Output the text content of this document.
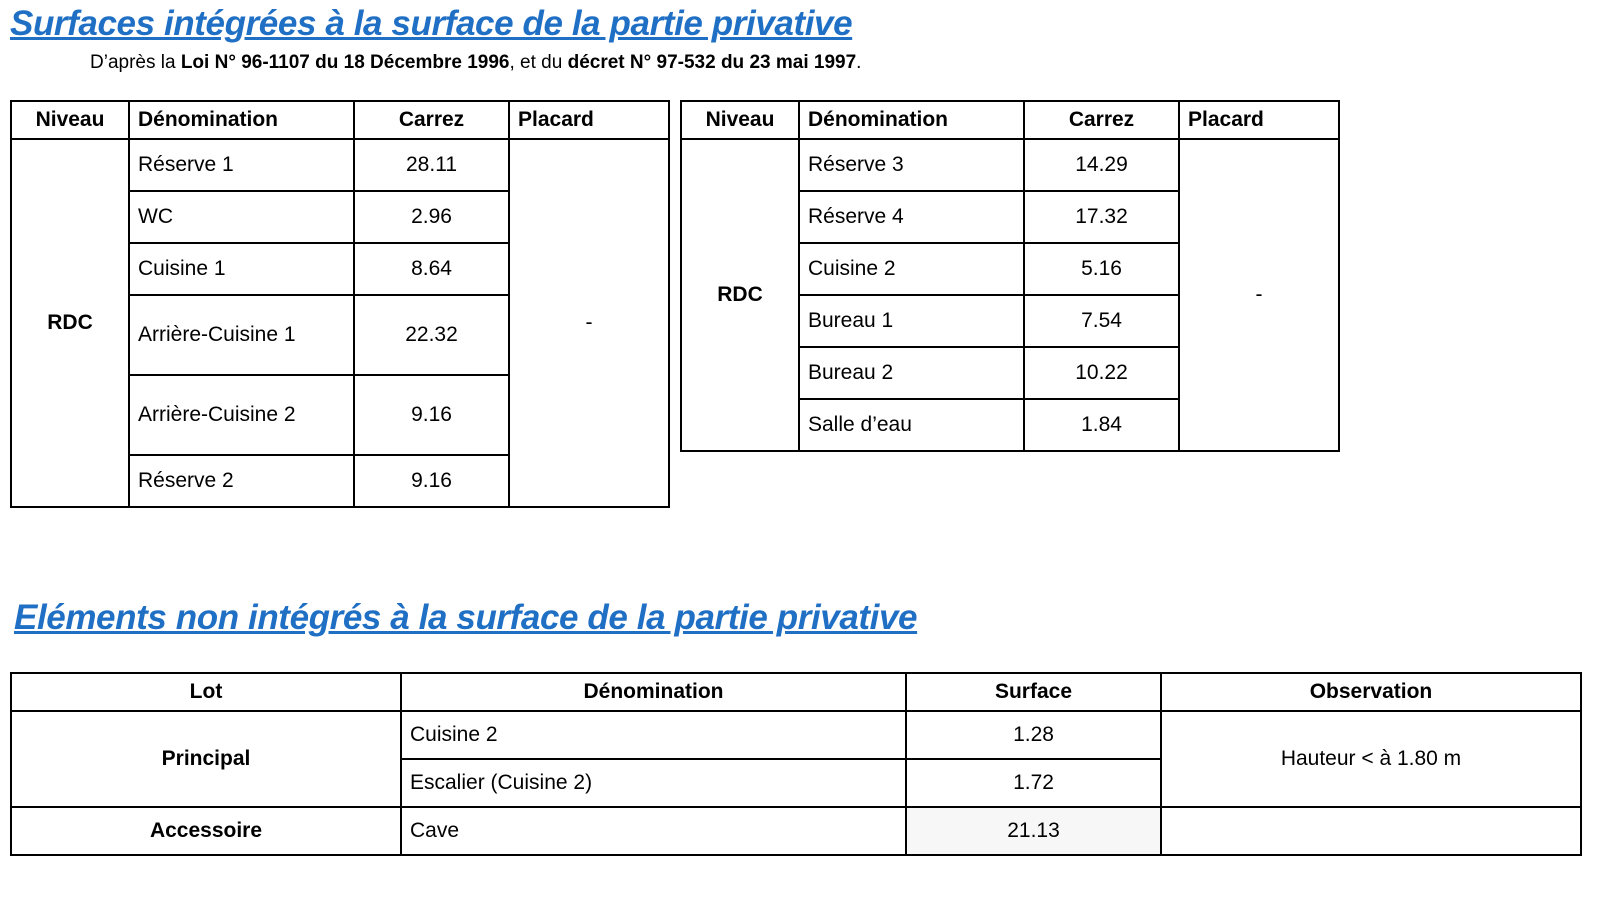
Surfaces intégrées à la surface de la partie privative
D’après la Loi N° 96-1107 du 18 Décembre 1996, et du décret N° 97-532 du 23 mai 1997.
Niveau	Dénomination	Carrez	Placard
RDC	Réserve 1	28.11	-
	WC	2.96	
	Cuisine 1	8.64	
	Arrière-Cuisine 1	22.32	
	Arrière-Cuisine 2	9.16	
	Réserve 2	9.16	
Niveau	Dénomination	Carrez	Placard
RDC	Réserve 3	14.29	-
	Réserve 4	17.32	
	Cuisine 2	5.16	
	Bureau 1	7.54	
	Bureau 2	10.22	
	Salle d’eau	1.84	
Eléments non intégrés à la surface de la partie privative
Lot	Dénomination	Surface	Observation
Principal	Cuisine 2	1.28	Hauteur < à 1.80 m
	Escalier (Cuisine 2)	1.72	
Accessoire	Cave	21.13	
